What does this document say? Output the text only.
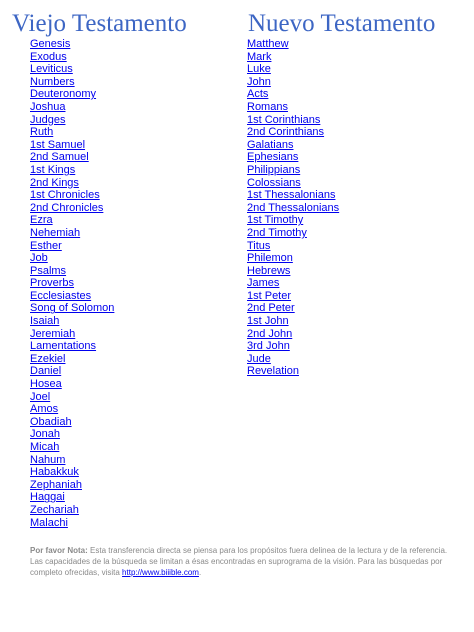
Viejo Testamento Nuevo Testamento
Genesis
Exodus
Leviticus
Numbers
Deuteronomy
Joshua
Judges
Ruth
1st Samuel
2nd Samuel
1st Kings
2nd Kings
1st Chronicles
2nd Chronicles
Ezra
Nehemiah
Esther
Job
Psalms
Proverbs
Ecclesiastes
Song of Solomon
Isaiah
Jeremiah
Lamentations
Ezekiel
Daniel
Hosea
Joel
Amos
Obadiah
Jonah
Micah
Nahum
Habakkuk
Zephaniah
Haggai
Zechariah
Malachi
Matthew
Mark
Luke
John
Acts
Romans
1st Corinthians
2nd Corinthians
Galatians
Ephesians
Philippians
Colossians
1st Thessalonians
2nd Thessalonians
1st Timothy
2nd Timothy
Titus
Philemon
Hebrews
James
1st Peter
2nd Peter
1st John
2nd John
3rd John
Jude
Revelation
Por favor Nota: Esta transferencia directa se piensa para los propósitos fuera delinea de la lectura y de la referencia. Las capacidades de la búsqueda se limitan a ésas encontradas en suprograma de la visión. Para las búsquedas por completo ofrecidas, visita http://www.biiible.com.
